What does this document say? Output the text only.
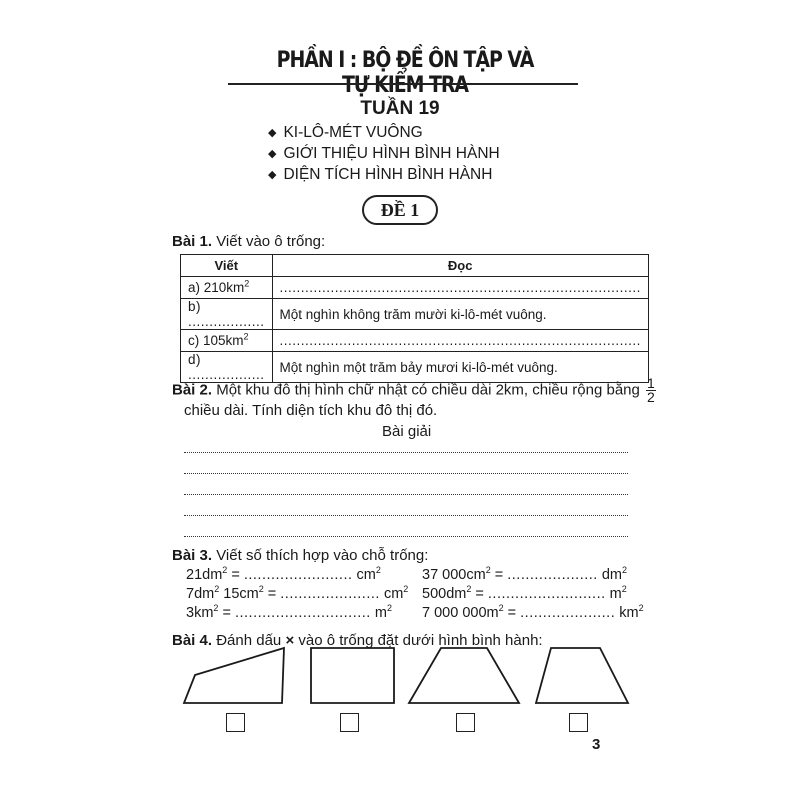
PHẦN I : BỘ ĐỀ ÔN TẬP VÀ TỰ KIỂM TRA
TUẦN 19
◆ KI-LÔ-MÉT VUÔNG
◆ GIỚI THIỆU HÌNH BÌNH HÀNH
◆ DIỆN TÍCH HÌNH BÌNH HÀNH
ĐỀ 1
Bài 1. Viết vào ô trống:
Viết	Đọc
a) $210km^2$	.....................................................................................
b) ..................	Một nghìn không trăm mười ki-lô-mét vuông.
c) $105km^2$	.....................................................................................
d) ..................	Một nghìn một trăm bảy mươi ki-lô-mét vuông.
Bài 2. Một khu đô thị hình chữ nhật có chiều dài 2km, chiều rộng bằng $\frac{1}{2}$
chiều dài. Tính diện tích khu đô thị đó.
Bài giải
Bài 3. Viết số thích hợp vào chỗ trống:
$21dm^2$ = ........................ $cm^2$	37 $000cm^2$ = .................... $dm^2$
$7dm^2$ $15cm^2$ = ...................... $cm^2$ $500dm^2$ = .......................... $m^2$
$3km^2$ = .............................. $m^2$ 7 000 $000m^2$ = ..................... $km^2$
Bài 4. Đánh dấu × vào ô trống đặt dưới hình bình hành:
3
